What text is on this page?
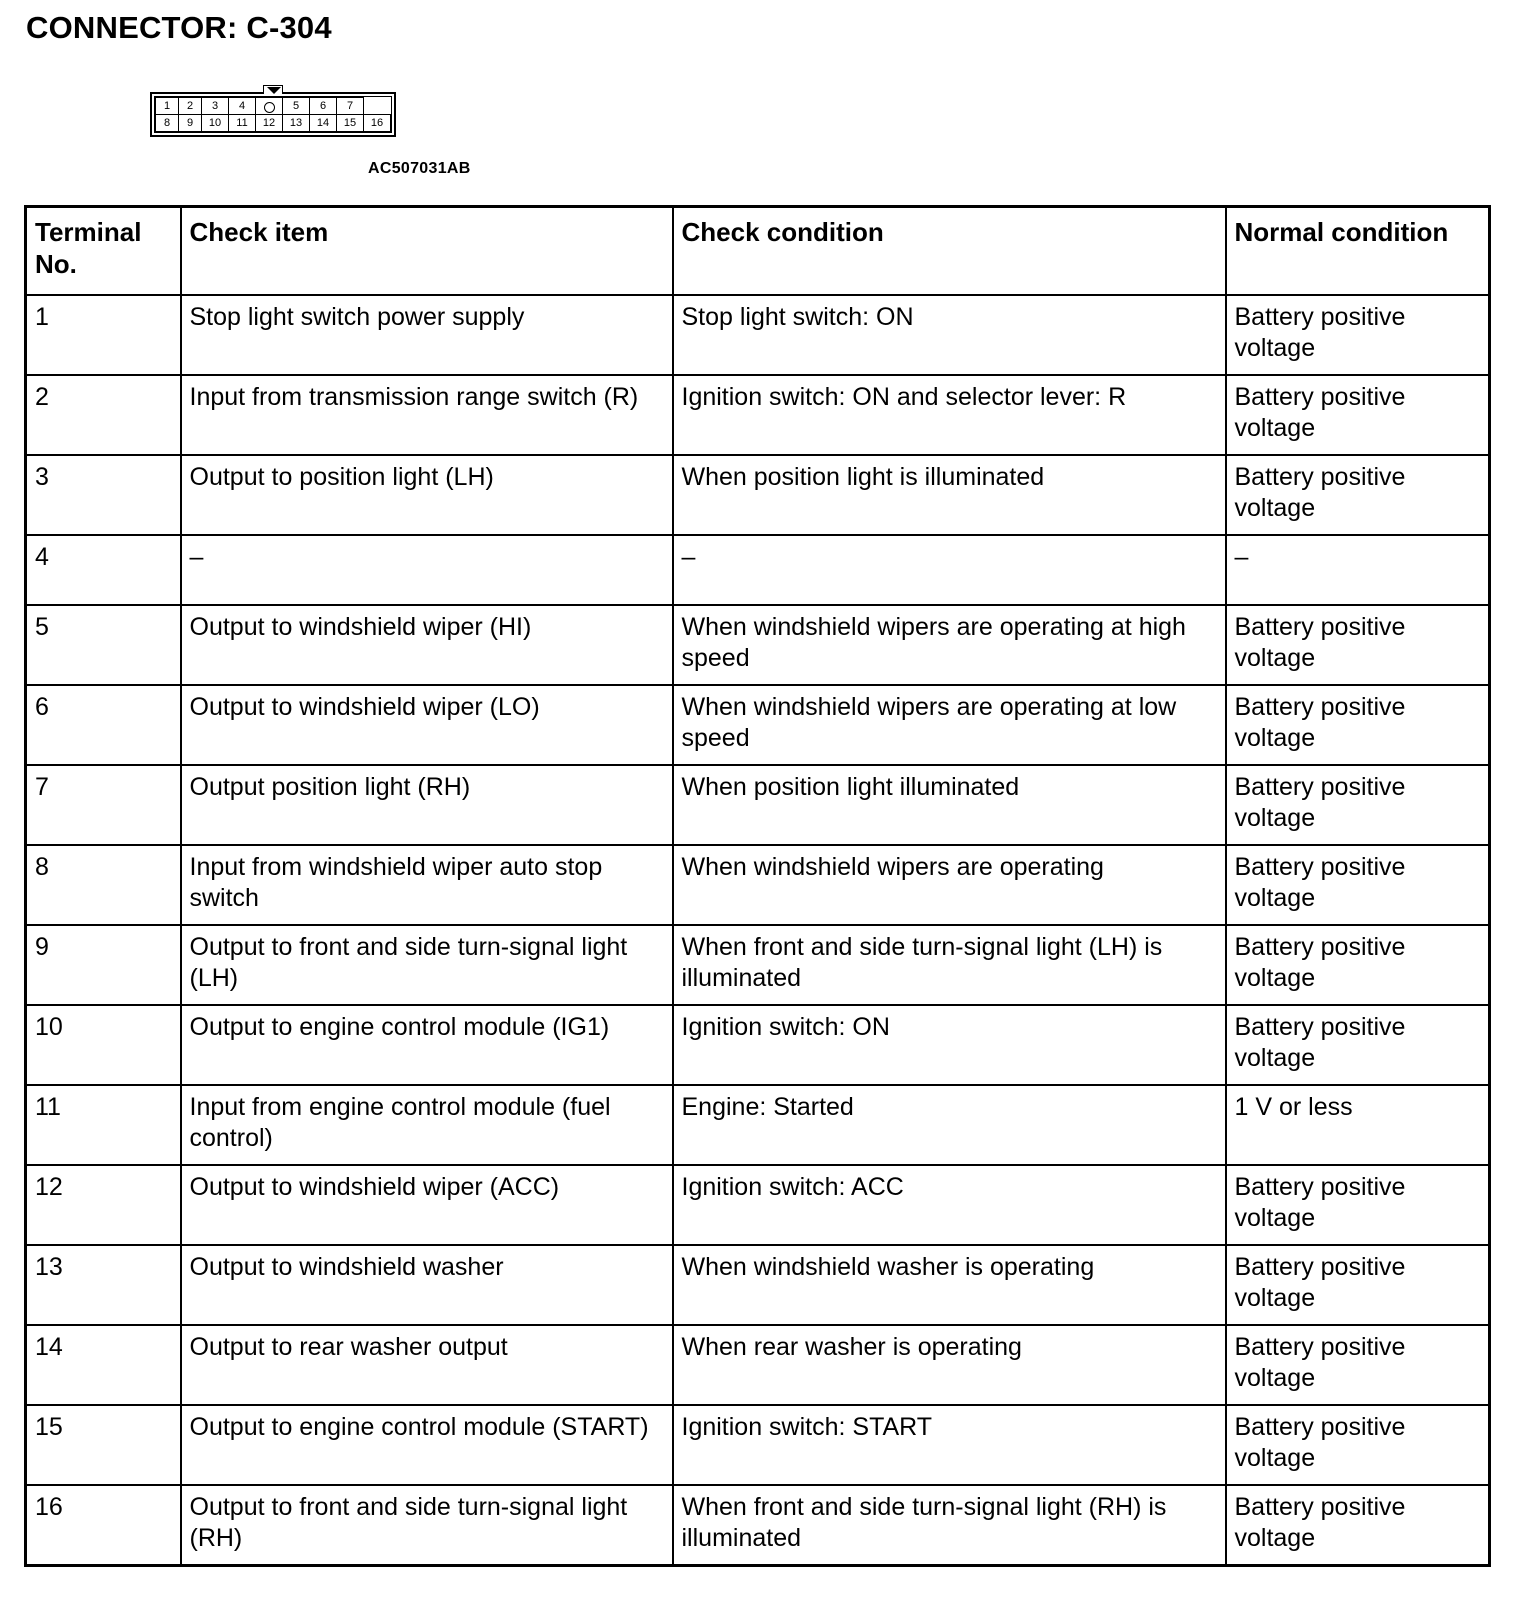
CONNECTOR: C-304
1	2	3	4		5	6	7	
8	9	10	11	12	13	14	15	16
AC507031AB
Terminal No.	Check item	Check condition	Normal condition
1	Stop light switch power supply	Stop light switch: ON	Battery positive voltage
2	Input from transmission range switch (R)	Ignition switch: ON and selector lever: R	Battery positive voltage
3	Output to position light (LH)	When position light is illuminated	Battery positive voltage
4	–	–	–
5	Output to windshield wiper (HI)	When windshield wipers are operating at high speed	Battery positive voltage
6	Output to windshield wiper (LO)	When windshield wipers are operating at low speed	Battery positive voltage
7	Output position light (RH)	When position light illuminated	Battery positive voltage
8	Input from windshield wiper auto stop switch	When windshield wipers are operating	Battery positive voltage
9	Output to front and side turn-signal light (LH)	When front and side turn-signal light (LH) is illuminated	Battery positive voltage
10	Output to engine control module (IG1)	Ignition switch: ON	Battery positive voltage
11	Input from engine control module (fuel control)	Engine: Started	1 V or less
12	Output to windshield wiper (ACC)	Ignition switch: ACC	Battery positive voltage
13	Output to windshield washer	When windshield washer is operating	Battery positive voltage
14	Output to rear washer output	When rear washer is operating	Battery positive voltage
15	Output to engine control module (START)	Ignition switch: START	Battery positive voltage
16	Output to front and side turn-signal light (RH)	When front and side turn-signal light (RH) is illuminated	Battery positive voltage
